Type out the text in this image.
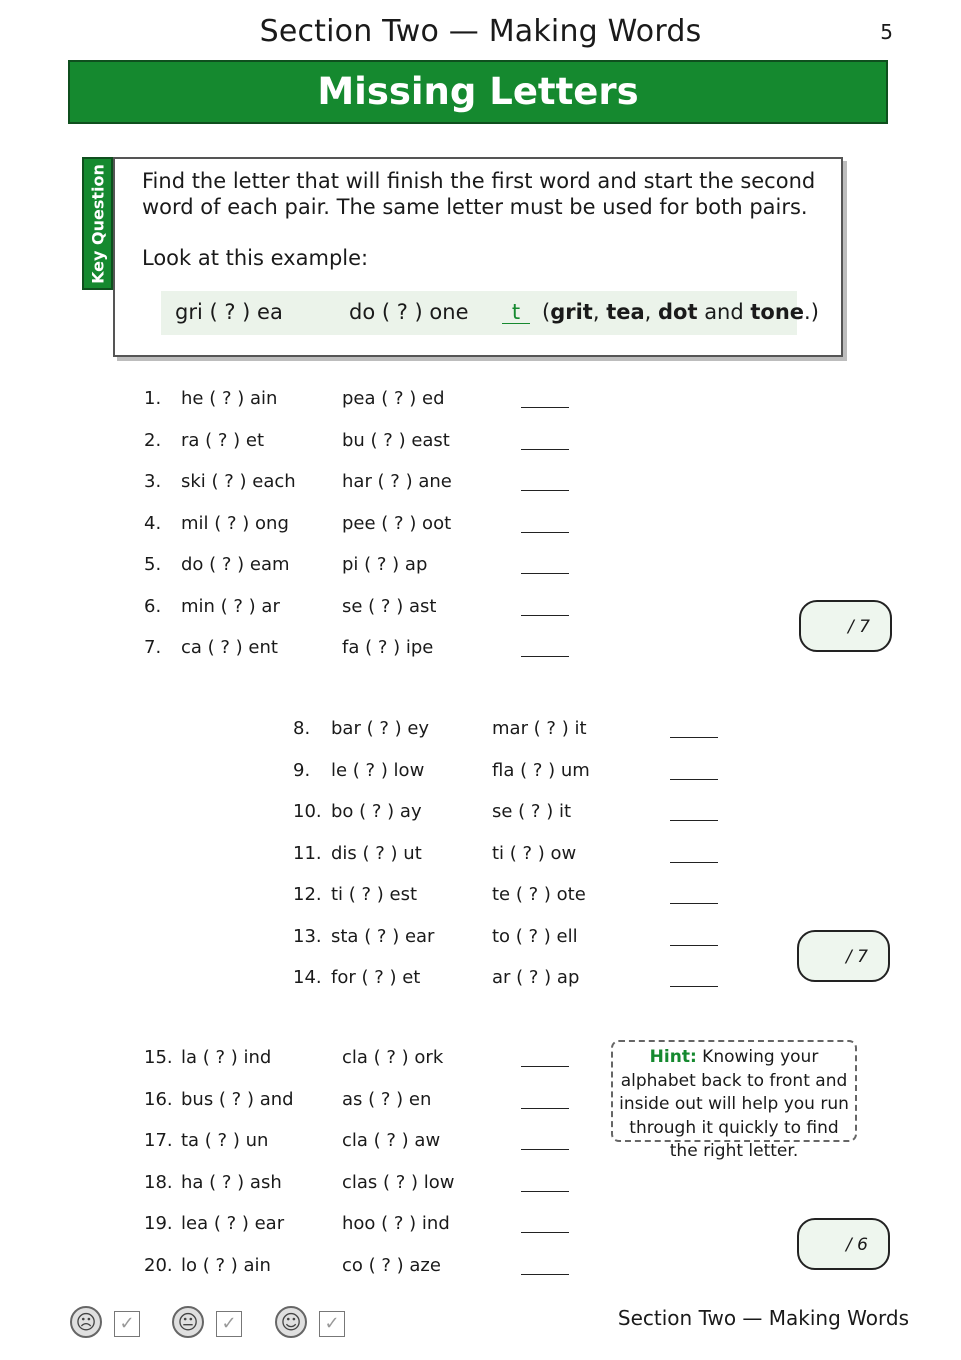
Section Two — Making Words	5
Missing Letters
Key Question Find the letter that will finish the first word and start the second word of each pair. The same letter must be used for both pairs.
Look at this example:
gri ( ? ) ea	do ( ? ) one	t	(grit, tea, dot and tone.)
1. he ( ? ) ain	pea ( ? ) ed
2. ra ( ? ) et	bu ( ? ) east
3. ski ( ? ) each	har ( ? ) ane
4. mil ( ? ) ong	pee ( ? ) oot
5. do ( ? ) eam	pi ( ? ) ap
6. min ( ? ) ar	se ( ? ) ast
7. ca ( ? ) ent	fa ( ? ) ipe
/ 7
8. bar ( ? ) ey	mar ( ? ) it
9. le ( ? ) low	fla ( ? ) um
10. bo ( ? ) ay	se ( ? ) it
11. dis ( ? ) ut	ti ( ? ) ow
12. ti ( ? ) est	te ( ? ) ote
13. sta ( ? ) ear	to ( ? ) ell
14. for ( ? ) et	ar ( ? ) ap
/ 7
15. la ( ? ) ind	cla ( ? ) ork
16. bus ( ? ) and	as ( ? ) en
17. ta ( ? ) un	cla ( ? ) aw
18. ha ( ? ) ash	clas ( ? ) low
19. lea ( ? ) ear	hoo ( ? ) ind
20. lo ( ? ) ain	co ( ? ) aze
/ 6
Hint: Knowing your alphabet back to front and inside out will help you run through it quickly to find the right letter.
Section Two — Making Words
☹	✓ 😐	✓ ☺	✓
